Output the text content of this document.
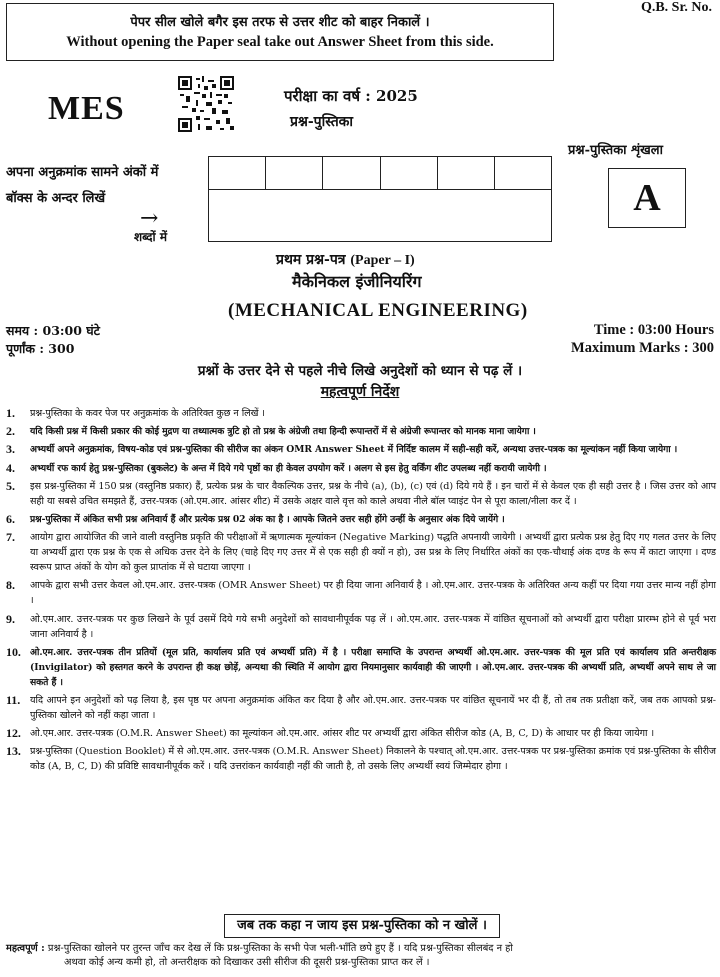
पेपर सील खोले बगैर इस तरफ से उत्तर शीट को बाहर निकालें ।
Without opening the Paper seal take out Answer Sheet from this side.
Q.B. Sr. No.
MES	परीक्षा का वर्ष : 2025
प्रश्न-पुस्तिका
प्रश्न-पुस्तिका शृंखला
A
अपना अनुक्रमांक सामने अंकों में
बॉक्स के अन्दर लिखें
→
शब्दों में
प्रथम प्रश्न-पत्र (Paper – I)
मैकेनिकल इंजीनियरिंग
(MECHANICAL ENGINEERING)
समय : 03:00 घंटे
पूर्णांक : 300
Time : 03:00 Hours
Maximum Marks : 300
प्रश्नों के उत्तर देने से पहले नीचे लिखे अनुदेशों को ध्यान से पढ़ लें ।
महत्वपूर्ण निर्देश
1.	प्रश्न-पुस्तिका के कवर पेज पर अनुक्रमांक के अतिरिक्त कुछ न लिखें ।
2.	यदि किसी प्रश्न में किसी प्रकार की कोई मुद्रण या तथ्यात्मक त्रुटि हो तो प्रश्न के अंग्रेजी तथा हिन्दी रूपान्तरों में से अंग्रेजी रूपान्तर को मानक माना जायेगा ।
3.	अभ्यर्थी अपने अनुक्रमांक, विषय-कोड एवं प्रश्न-पुस्तिका की सीरीज का अंकन OMR Answer Sheet में निर्दिष्ट कालम में सही-सही करें, अन्यथा उत्तर-पत्रक का मूल्यांकन नहीं किया जायेगा ।
4.	अभ्यर्थी रफ कार्य हेतु प्रश्न-पुस्तिका (बुकलेट) के अन्त में दिये गये पृष्ठों का ही केवल उपयोग करें । अलग से इस हेतु वर्किंग शीट उपलब्ध नहीं करायी जायेगी ।
5.	इस प्रश्न-पुस्तिका में 150 प्रश्न (वस्तुनिष्ठ प्रकार) हैं, प्रत्येक प्रश्न के चार वैकल्पिक उत्तर, प्रश्न के नीचे (a), (b), (c) एवं (d) दिये गये हैं । इन चारों में से केवल एक ही सही उत्तर है । जिस उत्तर को आप सही या सबसे उचित समझते हैं, उत्तर-पत्रक (ओ.एम.आर. आंसर शीट) में उसके अक्षर वाले वृत्त को काले अथवा नीले बॉल प्वाइंट पेन से पूरा काला/नीला कर दें ।
6.	प्रश्न-पुस्तिका में अंकित सभी प्रश्न अनिवार्य हैं और प्रत्येक प्रश्न 02 अंक का है । आपके जितने उत्तर सही होंगे उन्हीं के अनुसार अंक दिये जायेंगे ।
7.	आयोग द्वारा आयोजित की जाने वाली वस्तुनिष्ठ प्रकृति की परीक्षाओं में ऋणात्मक मूल्यांकन (Negative Marking) पद्धति अपनायी जायेगी । अभ्यर्थी द्वारा प्रत्येक प्रश्न हेतु दिए गए गलत उत्तर के लिए या अभ्यर्थी द्वारा एक प्रश्न के एक से अधिक उत्तर देने के लिए (चाहे दिए गए उत्तर में से एक सही ही क्यों न हो), उस प्रश्न के लिए निर्धारित अंकों का एक-चौथाई अंक दण्ड के रूप में काटा जाएगा । दण्ड स्वरूप प्राप्त अंकों के योग को कुल प्राप्तांक में से घटाया जाएगा ।
8.	आपके द्वारा सभी उत्तर केवल ओ.एम.आर. उत्तर-पत्रक (OMR Answer Sheet) पर ही दिया जाना अनिवार्य है । ओ.एम.आर. उत्तर-पत्रक के अतिरिक्त अन्य कहीं पर दिया गया उत्तर मान्य नहीं होगा ।
9.	ओ.एम.आर. उत्तर-पत्रक पर कुछ लिखने के पूर्व उसमें दिये गये सभी अनुदेशों को सावधानीपूर्वक पढ़ लें । ओ.एम.आर. उत्तर-पत्रक में वांछित सूचनाओं को अभ्यर्थी द्वारा परीक्षा प्रारम्भ होने से पूर्व भरा जाना अनिवार्य है ।
10. ओ.एम.आर. उत्तर-पत्रक तीन प्रतियों (मूल प्रति, कार्यालय प्रति एवं अभ्यर्थी प्रति) में है । परीक्षा समाप्ति के उपरान्त अभ्यर्थी ओ.एम.आर. उत्तर-पत्रक की मूल प्रति एवं कार्यालय प्रति अन्तरीक्षक (Invigilator) को हस्तगत करने के उपरान्त ही कक्ष छोड़ें, अन्यथा की स्थिति में आयोग द्वारा नियमानुसार कार्यवाही की जाएगी । ओ.एम.आर. उत्तर-पत्रक की अभ्यर्थी प्रति, अभ्यर्थी अपने साथ ले जा सकते हैं ।
11.	यदि आपने इन अनुदेशों को पढ़ लिया है, इस पृष्ठ पर अपना अनुक्रमांक अंकित कर दिया है और ओ.एम.आर. उत्तर-पत्रक पर वांछित सूचनायें भर दी हैं, तो तब तक प्रतीक्षा करें, जब तक आपको प्रश्न-पुस्तिका खोलने को नहीं कहा जाता ।
12. ओ.एम.आर. उत्तर-पत्रक (O.M.R. Answer Sheet) का मूल्यांकन ओ.एम.आर. आंसर शीट पर अभ्यर्थी द्वारा अंकित सीरीज कोड (A, B, C, D) के आधार पर ही किया जायेगा ।
13. प्रश्न-पुस्तिका (Question Booklet) में से ओ.एम.आर. उत्तर-पत्रक (O.M.R. Answer Sheet) निकालने के पश्चात् ओ.एम.आर. उत्तर-पत्रक पर प्रश्न-पुस्तिका क्रमांक एवं प्रश्न-पुस्तिका के सीरीज कोड (A, B, C, D) की प्रविष्टि सावधानीपूर्वक करें । यदि उत्तरांकन कार्यवाही नहीं की जाती है, तो उसके लिए अभ्यर्थी स्वयं जिम्मेदार होगा ।
जब तक कहा न जाय इस प्रश्न-पुस्तिका को न खोलें ।
महत्वपूर्ण : प्रश्न-पुस्तिका खोलने पर तुरन्त जाँच कर देख लें कि प्रश्न-पुस्तिका के सभी पेज भली-भाँति छपे हुए हैं । यदि प्रश्न-पुस्तिका सीलबंद न हो
अथवा कोई अन्य कमी हो, तो अन्तरीक्षक को दिखाकर उसी सीरीज की दूसरी प्रश्न-पुस्तिका प्राप्त कर लें ।
